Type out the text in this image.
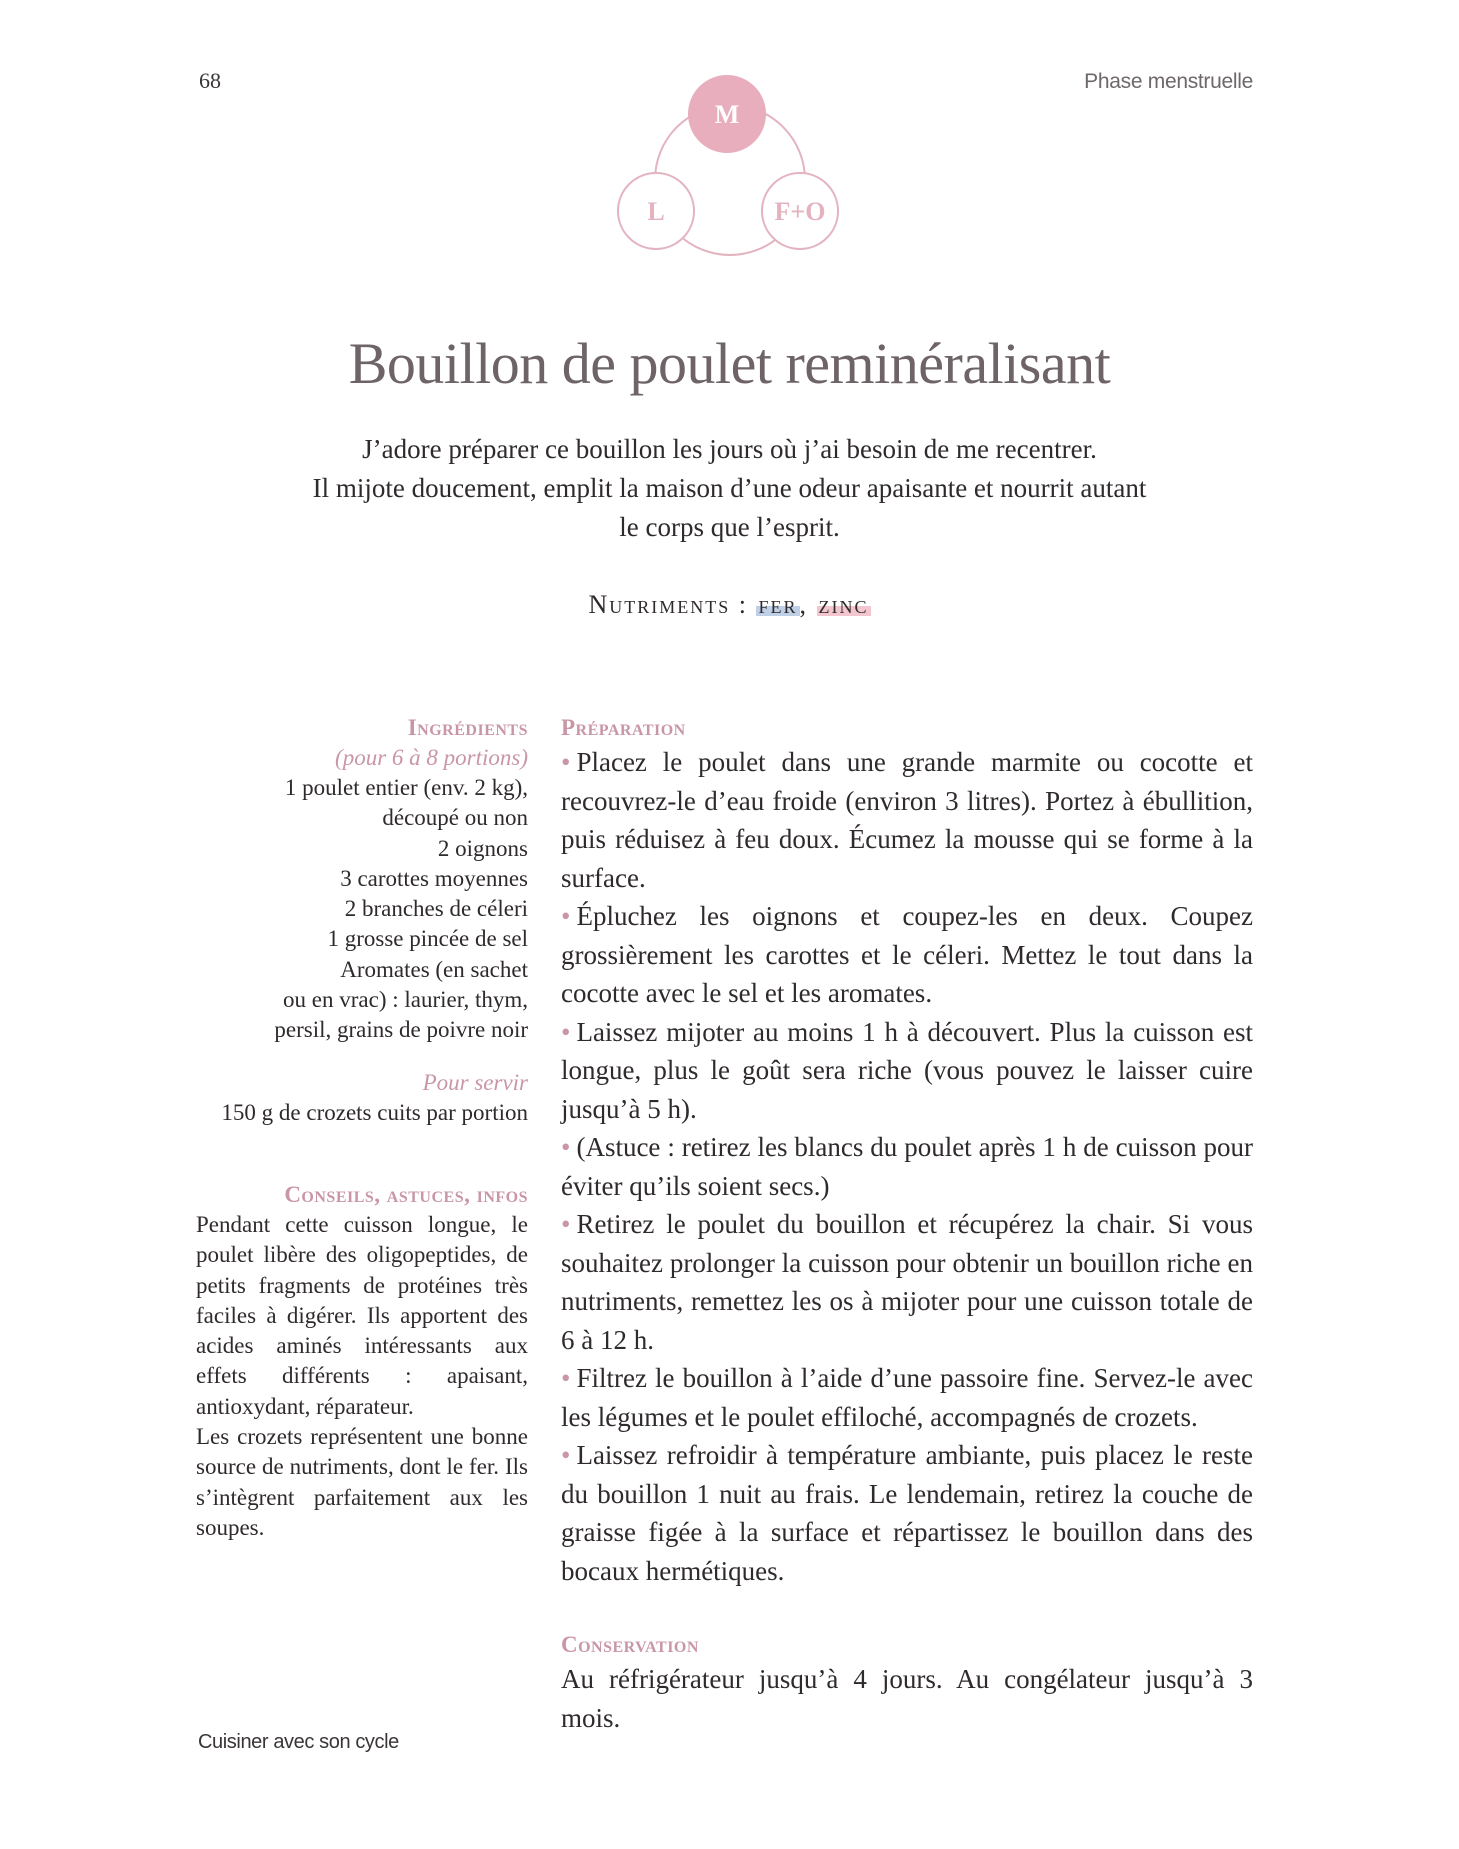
68	Phase menstruelle
M
L	F+O
Bouillon de poulet reminéralisant
J’adore préparer ce bouillon les jours où j’ai besoin de me recentrer.
Il mijote doucement, emplit la maison d’une odeur apaisante et nourrit autant
le corps que l’esprit.
Nutriments : fer, zinc
Ingrédients
(pour 6 à 8 portions)
1 poulet entier (env. 2 kg),
découpé ou non
2 oignons
3 carottes moyennes
2 branches de céleri
1 grosse pincée de sel
Aromates (en sachet
ou en vrac) : laurier, thym,
persil, grains de poivre noir
Pour servir
150 g de crozets cuits par portion
Conseils, astuces, infos

Pendant cette cuisson longue, le poulet libère des oligopeptides, de petits fragments de protéines très faciles à digérer. Ils apportent des acides aminés intéressants aux effets différents : apaisant, antioxydant, réparateur.

Les crozets représentent une bonne source de nutriments, dont le fer. Ils s’intègrent parfaitement aux les soupes.

Préparation

• Placez le poulet dans une grande marmite ou cocotte et recouvrez-le d’eau froide (environ 3 litres). Portez à ébullition, puis réduisez à feu doux. Écumez la mousse qui se forme à la surface.

• Épluchez les oignons et coupez-les en deux. Coupez grossièrement les carottes et le céleri. Mettez le tout dans la cocotte avec le sel et les aromates.

• Laissez mijoter au moins 1 h à découvert. Plus la cuisson est longue, plus le goût sera riche (vous pouvez le laisser cuire jusqu’à 5 h).

• (Astuce : retirez les blancs du poulet après 1 h de cuisson pour éviter qu’ils soient secs.)

• Retirez le poulet du bouillon et récupérez la chair. Si vous souhaitez prolonger la cuisson pour obtenir un bouillon riche en nutriments, remettez les os à mijoter pour une cuisson totale de 6 à 12 h.

• Filtrez le bouillon à l’aide d’une passoire fine. Servez-le avec les légumes et le poulet effiloché, accompagnés de crozets.

• Laissez refroidir à température ambiante, puis placez le reste du bouillon 1 nuit au frais. Le lendemain, retirez la couche de graisse figée à la surface et répartissez le bouillon dans des bocaux hermétiques.

Conservation

Au réfrigérateur jusqu’à 4 jours. Au congélateur jusqu’à 3 mois.

Cuisiner avec son cycle
